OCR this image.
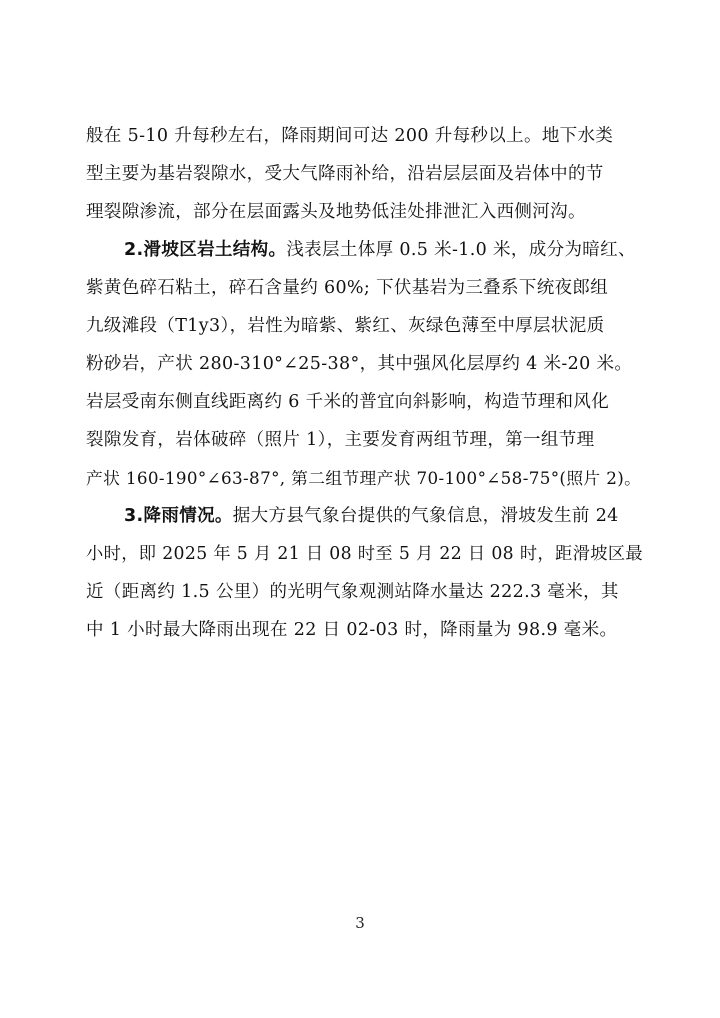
般在 5-10 升每秒左右，降雨期间可达 200 升每秒以上。地下水类
型主要为基岩裂隙水，受大气降雨补给，沿岩层层面及岩体中的节
理裂隙渗流，部分在层面露头及地势低洼处排泄汇入西侧河沟。
2.滑坡区岩土结构。浅表层土体厚 0.5 米-1.0 米，成分为暗红、
紫黄色碎石粘土，碎石含量约 60%; 下伏基岩为三叠系下统夜郎组
九级滩段（T1y3），岩性为暗紫、紫红、灰绿色薄至中厚层状泥质
粉砂岩，产状 280-310°∠25-38°，其中强风化层厚约 4 米-20 米。
岩层受南东侧直线距离约 6 千米的普宜向斜影响，构造节理和风化
裂隙发育，岩体破碎（照片 1），主要发育两组节理，第一组节理
产状 160-190°∠63-87°, 第二组节理产状 70-100°∠58-75°(照片 2)。
3.降雨情况。据大方县气象台提供的气象信息，滑坡发生前 24
小时，即 2025 年 5 月 21 日 08 时至 5 月 22 日 08 时，距滑坡区最
近（距离约 1.5 公里）的光明气象观测站降水量达 222.3 毫米，其
中 1 小时最大降雨出现在 22 日 02-03 时，降雨量为 98.9 毫米。
3
